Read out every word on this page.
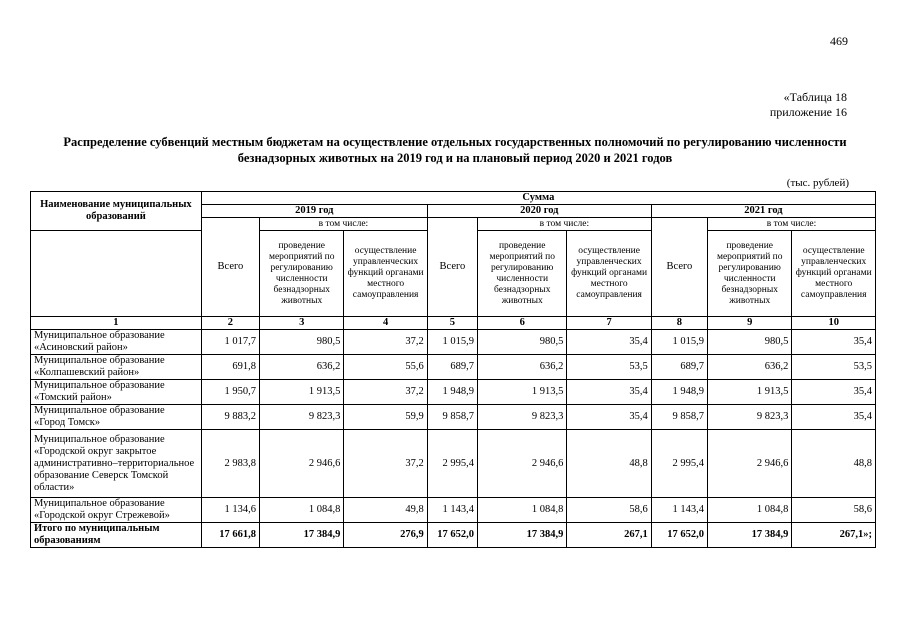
469
«Таблица 18
приложение 16
Распределение субвенций местным бюджетам на осуществление отдельных государственных полномочий по регулированию численности безнадзорных животных на 2019 год и на плановый период 2020 и 2021 годов
(тыс. рублей)
Наименование муниципальных образований	Сумма								
	2019 год			2020 год			2021 год		
	Всего	в том числе:		Всего	в том числе:		Всего	в том числе:	
		проведение мероприятий по регулированию численности безнадзорных животных	осуществление управленческих функций органами местного самоуправления		проведение мероприятий по регулированию численности безнадзорных животных	осуществление управленческих функций органами местного самоуправления		проведение мероприятий по регулированию численности безнадзорных животных	осуществление управленческих функций органами местного самоуправления
1	2	3	4	5	6	7	8	9	10
Муниципальное образование «Асиновский район»	1 017,7	980,5	37,2	1 015,9	980,5	35,4	1 015,9	980,5	35,4
Муниципальное образование «Колпашевский район»	691,8	636,2	55,6	689,7	636,2	53,5	689,7	636,2	53,5
Муниципальное образование «Томский район»	1 950,7	1 913,5	37,2	1 948,9	1 913,5	35,4	1 948,9	1 913,5	35,4
Муниципальное образование «Город Томск»	9 883,2	9 823,3	59,9	9 858,7	9 823,3	35,4	9 858,7	9 823,3	35,4
Муниципальное образование «Городской округ закрытое административно–территориальное образование Северск Томской области»	2 983,8	2 946,6	37,2	2 995,4	2 946,6	48,8	2 995,4	2 946,6	48,8
Муниципальное образование «Городской округ Стрежевой»	1 134,6	1 084,8	49,8	1 143,4	1 084,8	58,6	1 143,4	1 084,8	58,6
Итого по муниципальным образованиям	17 661,8	17 384,9	276,9	17 652,0	17 384,9	267,1	17 652,0	17 384,9	267,1»;
